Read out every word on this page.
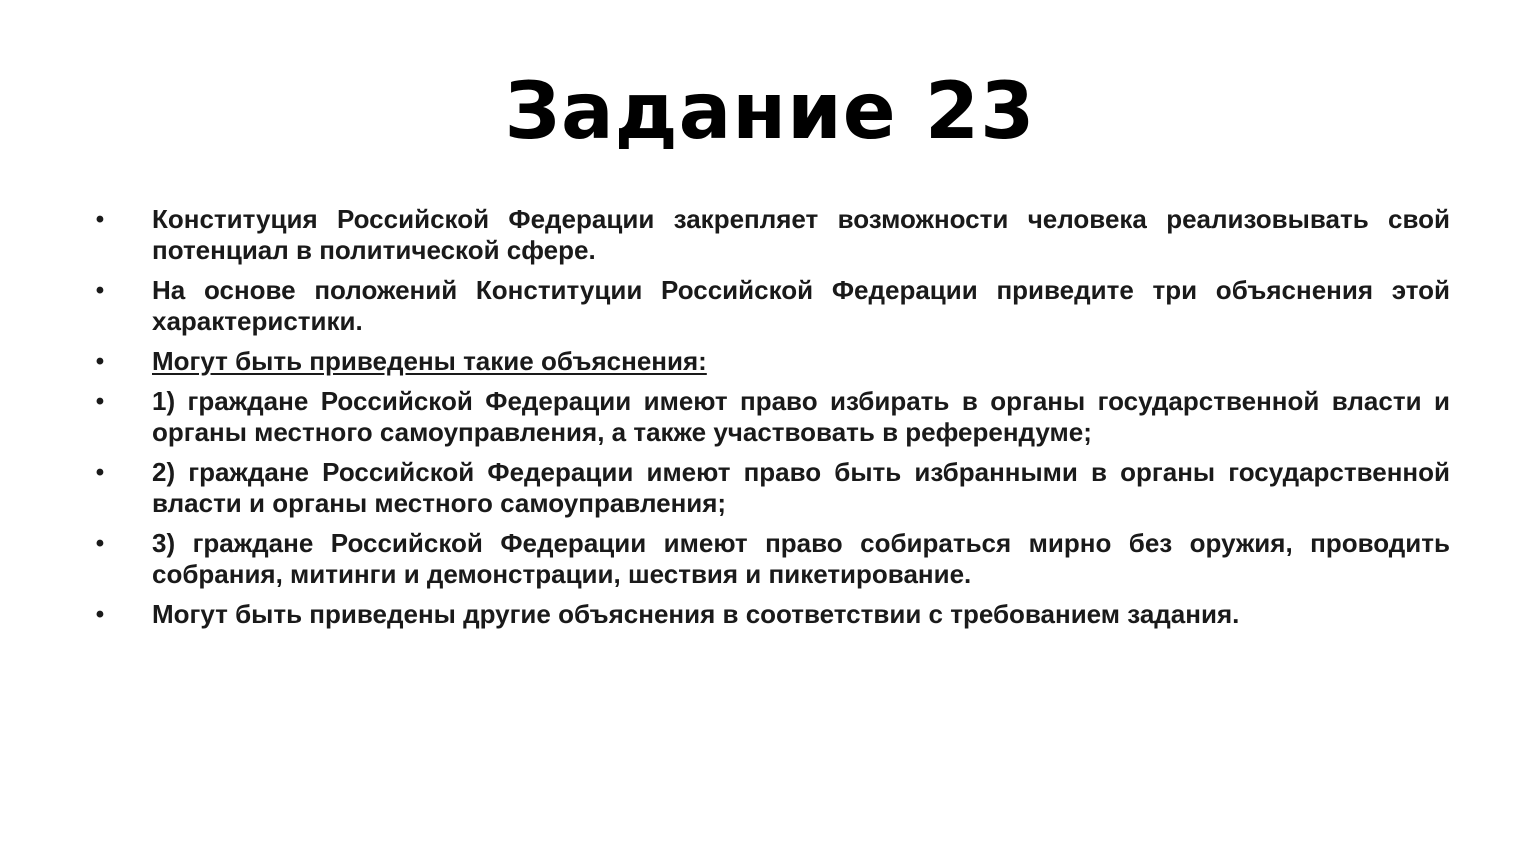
Задание 23
• Конституция Российской Федерации закрепляет возможности человека реализовывать свой потенциал в политической сфере.
• На основе положений Конституции Российской Федерации приведите три объяснения этой характеристики.
• Могут быть приведены такие объяснения:
• 1) граждане Российской Федерации имеют право избирать в органы государственной власти и органы местного самоуправления, а также участвовать в референдуме;
• 2) граждане Российской Федерации имеют право быть избранными в органы государственной власти и органы местного самоуправления;
• 3) граждане Российской Федерации имеют право собираться мирно без оружия, проводить собрания, митинги и демонстрации, шествия и пикетирование.
• Могут быть приведены другие объяснения в соответствии с требованием задания.
